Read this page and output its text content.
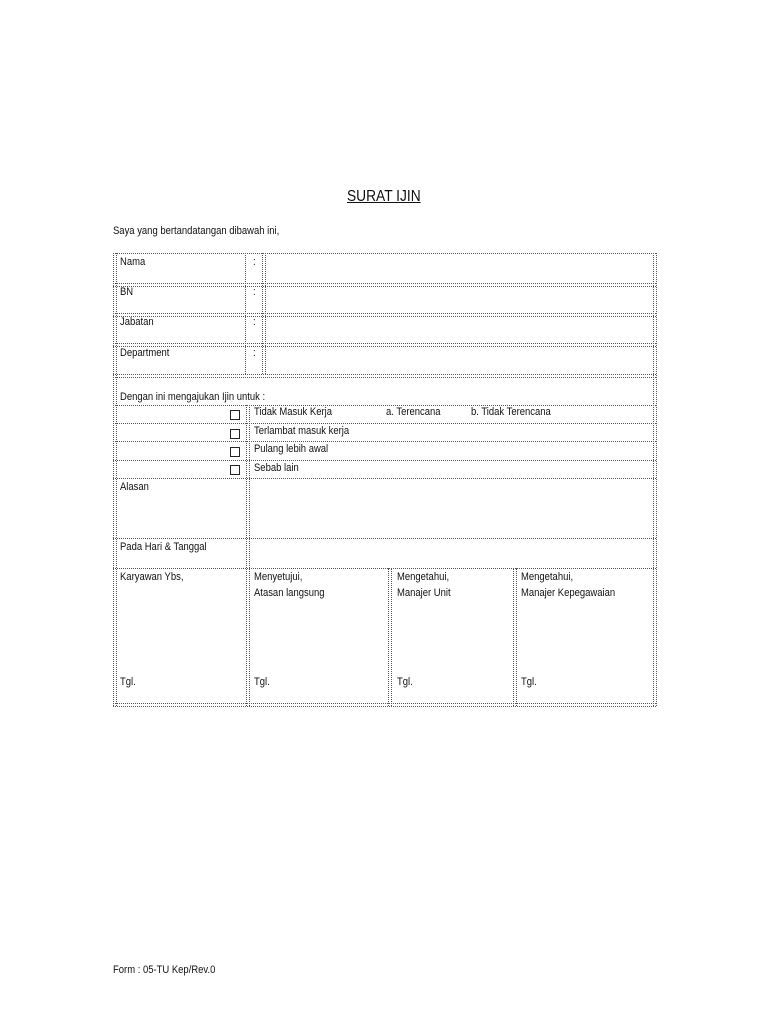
SURAT IJIN
Saya yang bertandatangan dibawah ini,
Nama	:
BN	:
Jabatan	:
Department	:
Dengan ini mengajukan Ijin untuk :
Tidak Masuk Kerja	a. Terencana	b. Tidak Terencana
Terlambat masuk kerja
Pulang lebih awal
Sebab lain
Alasan
Pada Hari & Tanggal
Karyawan Ybs,
Tgl.
Menyetujui,
Atasan langsung
Tgl.
Mengetahui,
Manajer Unit
Tgl.
Mengetahui,
Manajer Kepegawaian
Tgl.
Form : 05-TU Kep/Rev.0
